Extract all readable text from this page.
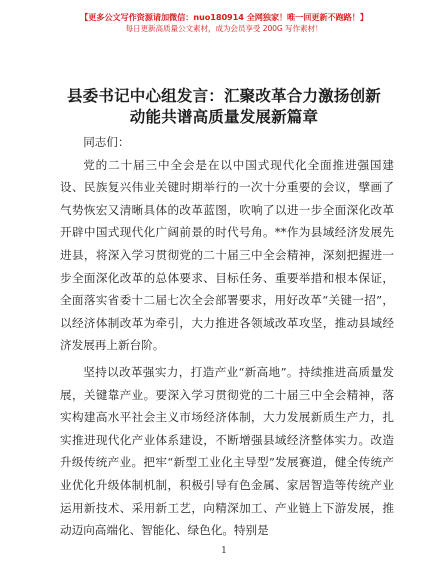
【更多公文写作资源请加微信：nuo180914 全网独家！唯一回更新不跑路！】
每日更新高质量公文素材，成为会员享受 200G 写作素材！
县委书记中心组发言：汇聚改革合力激扬创新
动能共谱高质量发展新篇章

同志们：

党的二十届三中全会是在以中国式现代化全面推进强国建设、民族复兴伟业关键时期举行的一次十分重要的会议，擘画了气势恢宏又清晰具体的改革蓝图，吹响了以进一步全面深化改革开辟中国式现代化广阔前景的时代号角。**作为县域经济发展先进县，将深入学习贯彻党的二十届三中全会精神，深刻把握进一步全面深化改革的总体要求、目标任务、重要举措和根本保证，全面落实省委十二届七次全会部署要求，用好改革“关键一招”，以经济体制改革为牵引，大力推进各领域改革攻坚，推动县域经济发展再上新台阶。

坚持以改革强实力，打造产业“新高地”。持续推进高质量发展，关键靠产业。要深入学习贯彻党的二十届三中全会精神，落实构建高水平社会主义市场经济体制，大力发展新质生产力，扎实推进现代化产业体系建设，不断增强县域经济整体实力。改造升级传统产业。把牢“新型工业化主导型”发展赛道，健全传统产业优化升级体制机制，积极引导有色金属、家居智造等传统产业运用新技术、采用新工艺，向精深加工、产业链上下游发展，推动迈向高端化、智能化、绿色化。特别是

1
